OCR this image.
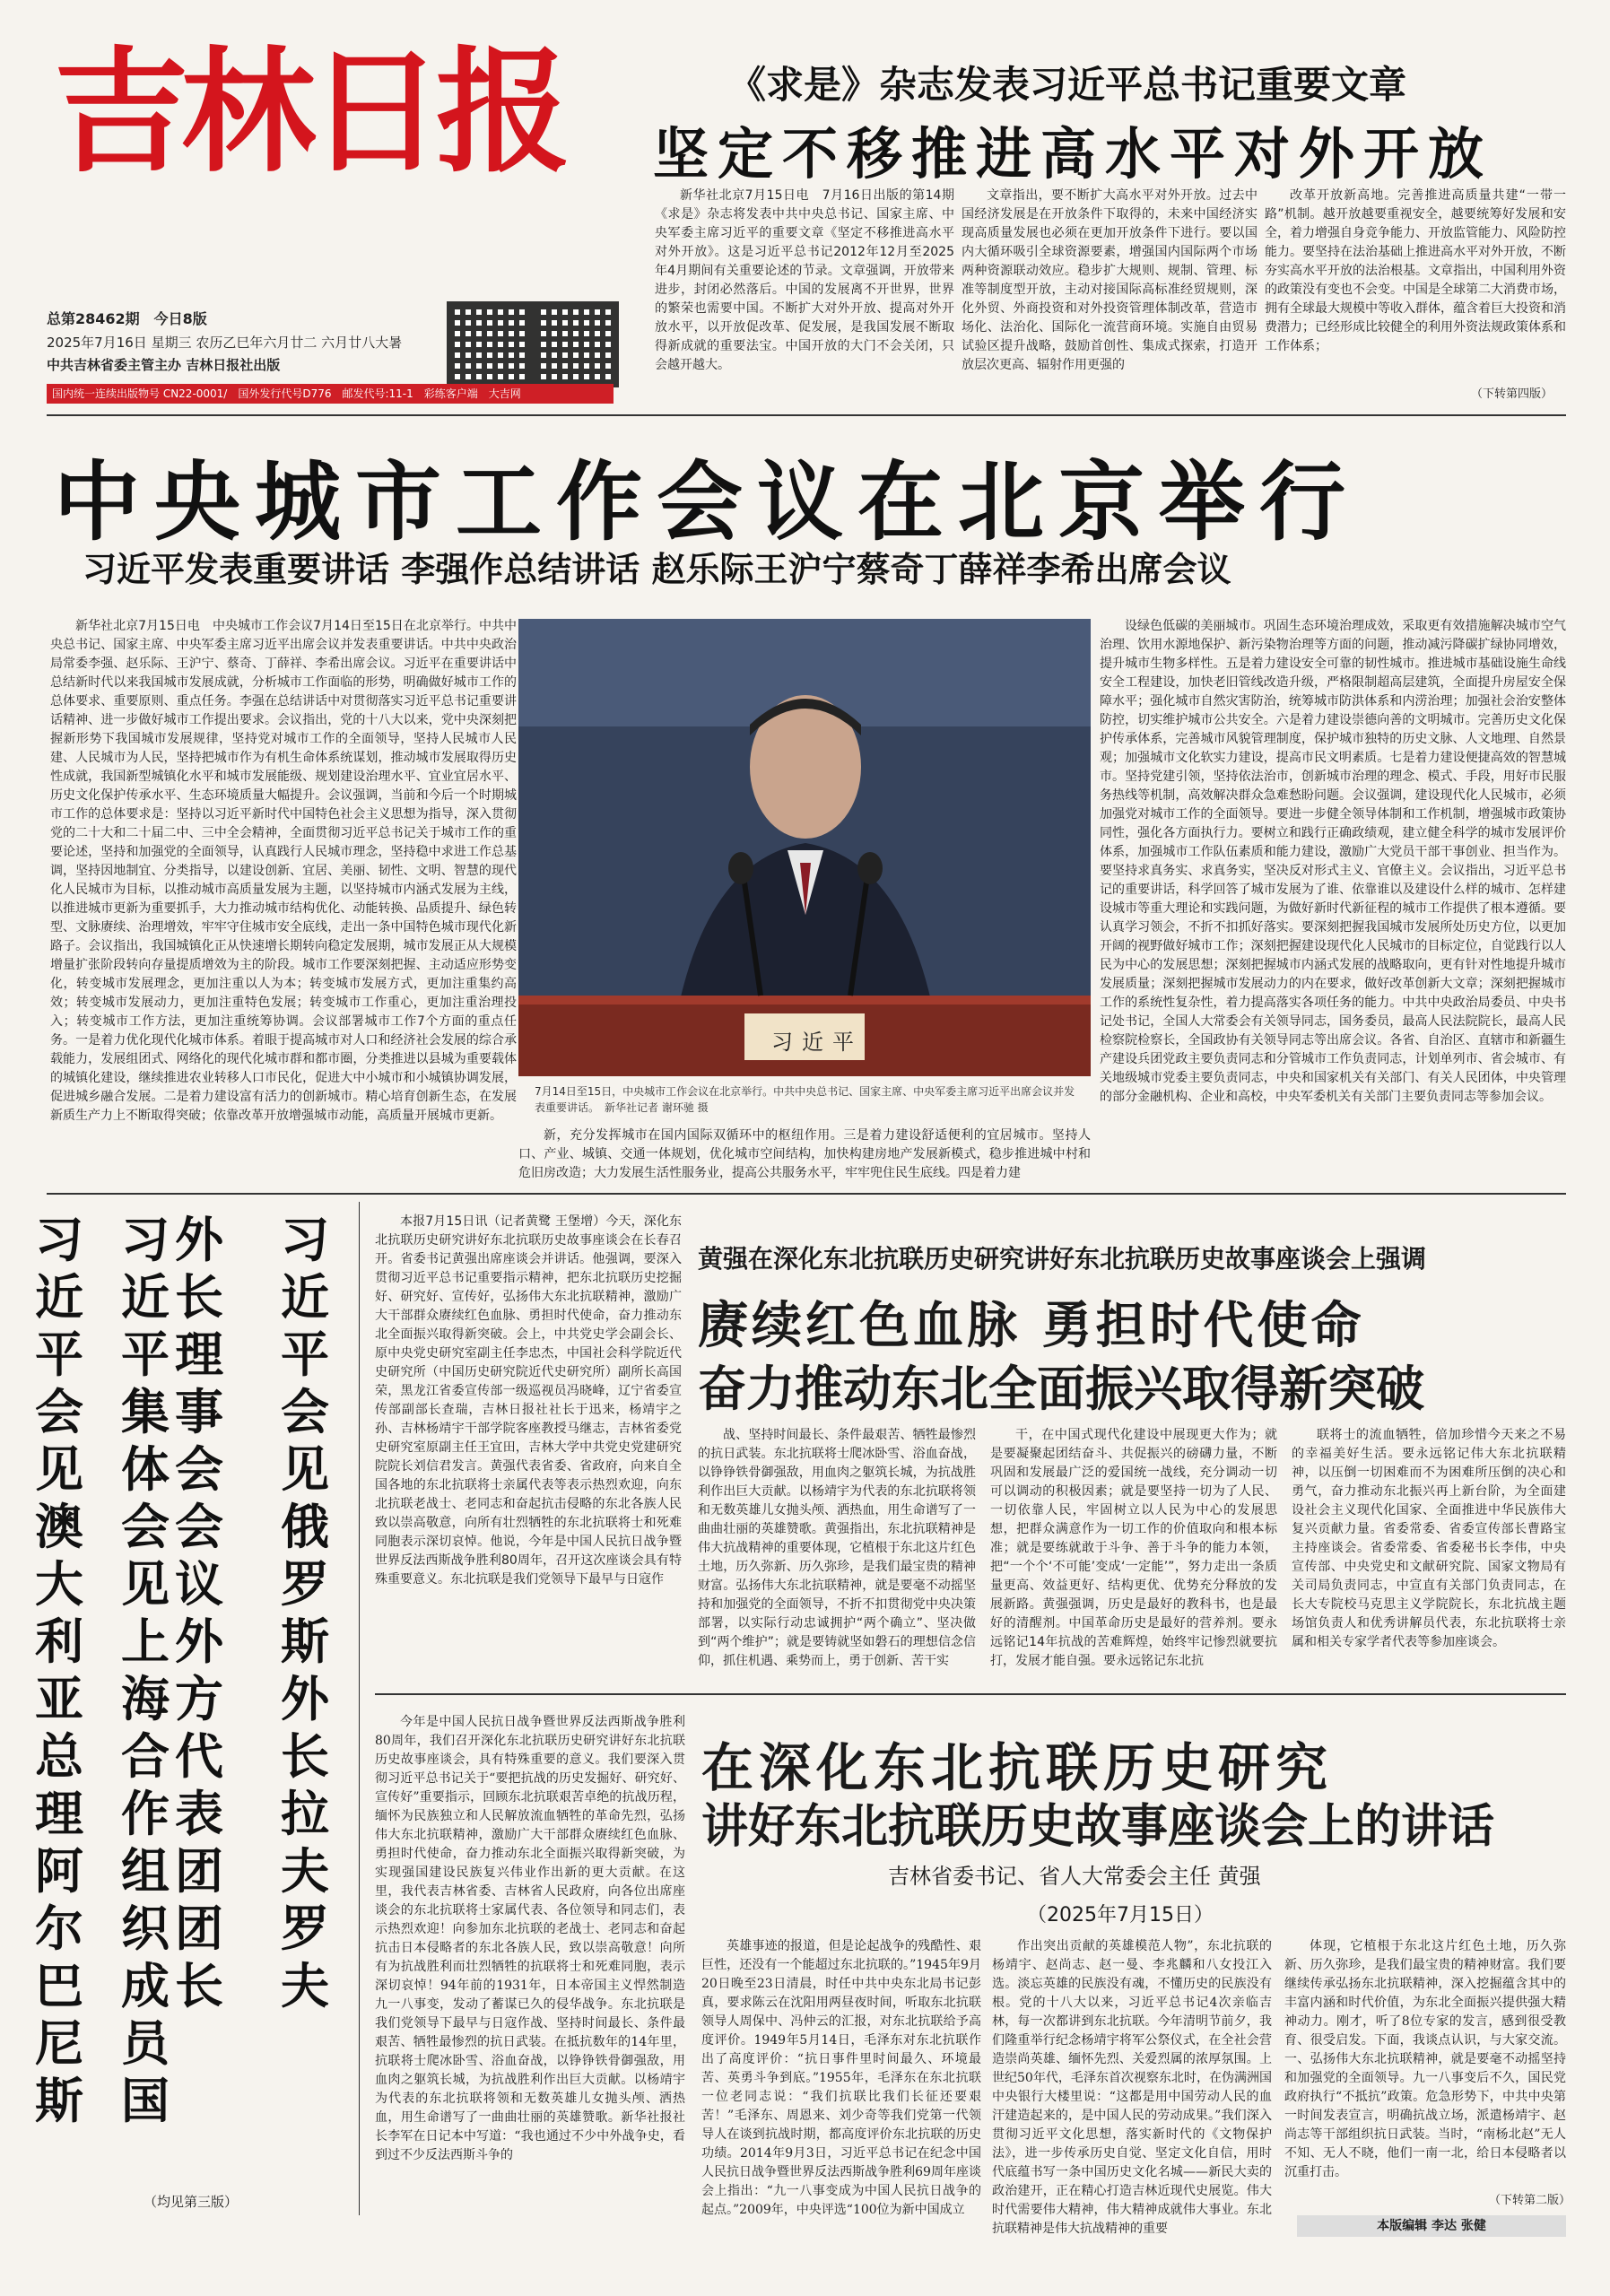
吉林日报
总第28462期　今日8版
2025年7月16日 星期三 农历乙巳年六月廿二 六月廿八大暑
中共吉林省委主管主办 吉林日报社出版
国内统一连续出版物号 CN22-0001/　国外发行代号D776　邮发代号:11-1　彩练客户端　大吉网
《求是》杂志发表习近平总书记重要文章
坚定不移推进高水平对外开放

新华社北京7月15日电　7月16日出版的第14期《求是》杂志将发表中共中央总书记、国家主席、中央军委主席习近平的重要文章《坚定不移推进高水平对外开放》。这是习近平总书记2012年12月至2025年4月期间有关重要论述的节录。文章强调，开放带来进步，封闭必然落后。中国的发展离不开世界，世界的繁荣也需要中国。不断扩大对外开放、提高对外开放水平，以开放促改革、促发展，是我国发展不断取得新成就的重要法宝。中国开放的大门不会关闭，只会越开越大。

文章指出，要不断扩大高水平对外开放。过去中国经济发展是在开放条件下取得的，未来中国经济实现高质量发展也必须在更加开放条件下进行。要以国内大循环吸引全球资源要素，增强国内国际两个市场两种资源联动效应。稳步扩大规则、规制、管理、标准等制度型开放，主动对接国际高标准经贸规则，深化外贸、外商投资和对外投资管理体制改革，营造市场化、法治化、国际化一流营商环境。实施自由贸易试验区提升战略，鼓励首创性、集成式探索，打造开放层次更高、辐射作用更强的

改革开放新高地。完善推进高质量共建“一带一路”机制。越开放越要重视安全，越要统筹好发展和安全，着力增强自身竞争能力、开放监管能力、风险防控能力。要坚持在法治基础上推进高水平对外开放，不断夯实高水平开放的法治根基。文章指出，中国利用外资的政策没有变也不会变。中国是全球第二大消费市场，拥有全球最大规模中等收入群体，蕴含着巨大投资和消费潜力；已经形成比较健全的利用外资法规政策体系和工作体系；

（下转第四版）
中央城市工作会议在北京举行
习近平发表重要讲话 李强作总结讲话 赵乐际王沪宁蔡奇丁薛祥李希出席会议

新华社北京7月15日电　中央城市工作会议7月14日至15日在北京举行。中共中央总书记、国家主席、中央军委主席习近平出席会议并发表重要讲话。中共中央政治局常委李强、赵乐际、王沪宁、蔡奇、丁薛祥、李希出席会议。习近平在重要讲话中总结新时代以来我国城市发展成就，分析城市工作面临的形势，明确做好城市工作的总体要求、重要原则、重点任务。李强在总结讲话中对贯彻落实习近平总书记重要讲话精神、进一步做好城市工作提出要求。会议指出，党的十八大以来，党中央深刻把握新形势下我国城市发展规律，坚持党对城市工作的全面领导，坚持人民城市人民建、人民城市为人民，坚持把城市作为有机生命体系统谋划，推动城市发展取得历史性成就，我国新型城镇化水平和城市发展能级、规划建设治理水平、宜业宜居水平、历史文化保护传承水平、生态环境质量大幅提升。会议强调，当前和今后一个时期城市工作的总体要求是：坚持以习近平新时代中国特色社会主义思想为指导，深入贯彻党的二十大和二十届二中、三中全会精神，全面贯彻习近平总书记关于城市工作的重要论述，坚持和加强党的全面领导，认真践行人民城市理念，坚持稳中求进工作总基调，坚持因地制宜、分类指导，以建设创新、宜居、美丽、韧性、文明、智慧的现代化人民城市为目标，以推动城市高质量发展为主题，以坚持城市内涵式发展为主线，以推进城市更新为重要抓手，大力推动城市结构优化、动能转换、品质提升、绿色转型、文脉赓续、治理增效，牢牢守住城市安全底线，走出一条中国特色城市现代化新路子。会议指出，我国城镇化正从快速增长期转向稳定发展期，城市发展正从大规模增量扩张阶段转向存量提质增效为主的阶段。城市工作要深刻把握、主动适应形势变化，转变城市发展理念，更加注重以人为本；转变城市发展方式，更加注重集约高效；转变城市发展动力，更加注重特色发展；转变城市工作重心，更加注重治理投入；转变城市工作方法，更加注重统筹协调。会议部署城市工作7个方面的重点任务。一是着力优化现代化城市体系。着眼于提高城市对人口和经济社会发展的综合承载能力，发展组团式、网络化的现代化城市群和都市圈，分类推进以县城为重要载体的城镇化建设，继续推进农业转移人口市民化，促进大中小城市和小城镇协调发展，促进城乡融合发展。二是着力建设富有活力的创新城市。精心培育创新生态，在发展新质生产力上不断取得突破；依靠改革开放增强城市动能，高质量开展城市更新。

习近平
7月14日至15日，中央城市工作会议在北京举行。中共中央总书记、国家主席、中央军委主席习近平出席会议并发表重要讲话。　 新华社记者 谢环驰 摄

新，充分发挥城市在国内国际双循环中的枢纽作用。三是着力建设舒适便利的宜居城市。坚持人口、产业、城镇、交通一体规划，优化城市空间结构，加快构建房地产发展新模式，稳步推进城中村和危旧房改造；大力发展生活性服务业，提高公共服务水平，牢牢兜住民生底线。四是着力建

设绿色低碳的美丽城市。巩固生态环境治理成效，采取更有效措施解决城市空气治理、饮用水源地保护、新污染物治理等方面的问题，推动减污降碳扩绿协同增效，提升城市生物多样性。五是着力建设安全可靠的韧性城市。推进城市基础设施生命线安全工程建设，加快老旧管线改造升级，严格限制超高层建筑，全面提升房屋安全保障水平；强化城市自然灾害防治，统筹城市防洪体系和内涝治理；加强社会治安整体防控，切实维护城市公共安全。六是着力建设崇德向善的文明城市。完善历史文化保护传承体系，完善城市风貌管理制度，保护城市独特的历史文脉、人文地理、自然景观；加强城市文化软实力建设，提高市民文明素质。七是着力建设便捷高效的智慧城市。坚持党建引领，坚持依法治市，创新城市治理的理念、模式、手段，用好市民服务热线等机制，高效解决群众急难愁盼问题。会议强调，建设现代化人民城市，必须加强党对城市工作的全面领导。要进一步健全领导体制和工作机制，增强城市政策协同性，强化各方面执行力。要树立和践行正确政绩观，建立健全科学的城市发展评价体系，加强城市工作队伍素质和能力建设，激励广大党员干部干事创业、担当作为。要坚持求真务实、求真务实，坚决反对形式主义、官僚主义。会议指出，习近平总书记的重要讲话，科学回答了城市发展为了谁、依靠谁以及建设什么样的城市、怎样建设城市等重大理论和实践问题，为做好新时代新征程的城市工作提供了根本遵循。要认真学习领会，不折不扣抓好落实。要深刻把握我国城市发展所处历史方位，以更加开阔的视野做好城市工作；深刻把握建设现代化人民城市的目标定位，自觉践行以人民为中心的发展思想；深刻把握城市内涵式发展的战略取向，更有针对性地提升城市发展质量；深刻把握城市发展动力的内在要求，做好改革创新大文章；深刻把握城市工作的系统性复杂性，着力提高落实各项任务的能力。中共中央政治局委员、中央书记处书记，全国人大常委会有关领导同志，国务委员，最高人民法院院长，最高人民检察院检察长，全国政协有关领导同志等出席会议。各省、自治区、直辖市和新疆生产建设兵团党政主要负责同志和分管城市工作负责同志，计划单列市、省会城市、有关地级城市党委主要负责同志，中央和国家机关有关部门、有关人民团体，中央管理的部分金融机构、企业和高校，中央军委机关有关部门主要负责同志等参加会议。

习近平会见澳大利亚总理阿尔巴尼斯
外长理事会会议外方代表团团长
习近平集体会见上海合作组织成员国
习近平会见俄罗斯外长拉夫罗夫
（均见第三版）

本报7月15日讯（记者黄鹭 王堡增）今天，深化东北抗联历史研究讲好东北抗联历史故事座谈会在长春召开。省委书记黄强出席座谈会并讲话。他强调，要深入贯彻习近平总书记重要指示精神，把东北抗联历史挖掘好、研究好、宣传好，弘扬伟大东北抗联精神，激励广大干部群众赓续红色血脉、勇担时代使命，奋力推动东北全面振兴取得新突破。会上，中共党史学会副会长、原中央党史研究室副主任李忠杰，中国社会科学院近代史研究所（中国历史研究院近代史研究所）副所长高国荣，黑龙江省委宣传部一级巡视员冯晓峰，辽宁省委宣传部副部长查瑞，吉林日报社社长于迅来，杨靖宇之孙、吉林杨靖宇干部学院客座教授马继志，吉林省委党史研究室原副主任王宜田，吉林大学中共党史党建研究院院长刘信君发言。黄强代表省委、省政府，向来自全国各地的东北抗联将士亲属代表等表示热烈欢迎，向东北抗联老战士、老同志和奋起抗击侵略的东北各族人民致以崇高敬意，向所有壮烈牺牲的东北抗联将士和死难同胞表示深切哀悼。他说，今年是中国人民抗日战争暨世界反法西斯战争胜利80周年，召开这次座谈会具有特殊重要意义。东北抗联是我们党领导下最早与日寇作

黄强在深化东北抗联历史研究讲好东北抗联历史故事座谈会上强调
赓续红色血脉 勇担时代使命
奋力推动东北全面振兴取得新突破

战、坚持时间最长、条件最艰苦、牺牲最惨烈的抗日武装。东北抗联将士爬冰卧雪、浴血奋战，以铮铮铁骨御强敌，用血肉之躯筑长城，为抗战胜利作出巨大贡献。以杨靖宇为代表的东北抗联将领和无数英雄儿女抛头颅、洒热血，用生命谱写了一曲曲壮丽的英雄赞歌。黄强指出，东北抗联精神是伟大抗战精神的重要体现，它植根于东北这片红色土地，历久弥新、历久弥珍，是我们最宝贵的精神财富。弘扬伟大东北抗联精神，就是要毫不动摇坚持和加强党的全面领导，不折不扣贯彻党中央决策部署，以实际行动忠诚拥护“两个确立”、坚决做到“两个维护”；就是要铸就坚如磐石的理想信念信仰，抓住机遇、乘势而上，勇于创新、苦干实

干，在中国式现代化建设中展现更大作为；就是要凝聚起团结奋斗、共促振兴的磅礴力量，不断巩固和发展最广泛的爱国统一战线，充分调动一切可以调动的积极因素；就是要坚持一切为了人民、一切依靠人民，牢固树立以人民为中心的发展思想，把群众满意作为一切工作的价值取向和根本标准；就是要练就敢于斗争、善于斗争的能力本领，把“一个个‘不可能’变成‘一定能’”，努力走出一条质量更高、效益更好、结构更优、优势充分释放的发展新路。黄强强调，历史是最好的教科书，也是最好的清醒剂。中国革命历史是最好的营养剂。要永远铭记14年抗战的苦难辉煌，始终牢记惨烈就要抗打，发展才能自强。要永远铭记东北抗

联将士的流血牺牲，倍加珍惜今天来之不易的幸福美好生活。要永远铭记伟大东北抗联精神，以压倒一切困难而不为困难所压倒的决心和勇气，奋力推动东北振兴再上新台阶，为全面建设社会主义现代化国家、全面推进中华民族伟大复兴贡献力量。省委常委、省委宣传部长曹路宝主持座谈会。省委常委、省委秘书长李伟，中央宣传部、中央党史和文献研究院、国家文物局有关司局负责同志，中宣直有关部门负责同志，在长大专院校马克思主义学院院长，东北抗战主题场馆负责人和优秀讲解员代表，东北抗联将士亲属和相关专家学者代表等参加座谈会。

今年是中国人民抗日战争暨世界反法西斯战争胜利80周年，我们召开深化东北抗联历史研究讲好东北抗联历史故事座谈会，具有特殊重要的意义。我们要深入贯彻习近平总书记关于“要把抗战的历史发掘好、研究好、宣传好”重要指示，回顾东北抗联艰苦卓绝的抗战历程，缅怀为民族独立和人民解放流血牺牲的革命先烈，弘扬伟大东北抗联精神，激励广大干部群众赓续红色血脉、勇担时代使命，奋力推动东北全面振兴取得新突破，为实现强国建设民族复兴伟业作出新的更大贡献。在这里，我代表吉林省委、吉林省人民政府，向各位出席座谈会的东北抗联将士家属代表、各位领导和同志们，表示热烈欢迎！向参加东北抗联的老战士、老同志和奋起抗击日本侵略者的东北各族人民，致以崇高敬意！向所有为抗战胜利而壮烈牺牲的抗联将士和死难同胞，表示深切哀悼！94年前的1931年，日本帝国主义悍然制造九一八事变，发动了蓄谋已久的侵华战争。东北抗联是我们党领导下最早与日寇作战、坚持时间最长、条件最艰苦、牺牲最惨烈的抗日武装。在抵抗数年的14年里，抗联将士爬冰卧雪、浴血奋战，以铮铮铁骨御强敌，用血肉之躯筑长城，为抗战胜利作出巨大贡献。以杨靖宇为代表的东北抗联将领和无数英雄儿女抛头颅、洒热血，用生命谱写了一曲曲壮丽的英雄赞歌。新华社报社长李军在日记本中写道：“我也通过不少中外战争史，看到过不少反法西斯斗争的

在深化东北抗联历史研究
讲好东北抗联历史故事座谈会上的讲话
吉林省委书记、省人大常委会主任 黄强
（2025年7月15日）

英雄事迹的报道，但是论起战争的残酷性、艰巨性，还没有一个能超过东北抗联的。”1945年9月20日晚至23日清晨，时任中共中央东北局书记彭真，要求陈云在沈阳用两昼夜时间，听取东北抗联领导人周保中、冯仲云的汇报，对东北抗联给予高度评价。1949年5月14日，毛泽东对东北抗联作出了高度评价：“抗日事件里时间最久、环境最苦、英勇斗争到底。”1955年，毛泽东在东北抗联一位老同志说：“我们抗联比我们长征还要艰苦！”毛泽东、周恩来、刘少奇等我们党第一代领导人在谈到抗战时期，都高度评价东北抗联的历史功绩。2014年9月3日，习近平总书记在纪念中国人民抗日战争暨世界反法西斯战争胜利69周年座谈会上指出：“九一八事变成为中国人民抗日战争的起点。”2009年，中央评选“100位为新中国成立

作出突出贡献的英雄模范人物”，东北抗联的杨靖宇、赵尚志、赵一曼、李兆麟和八女投江入选。淡忘英雄的民族没有魂，不懂历史的民族没有根。党的十八大以来，习近平总书记4次亲临吉林，每一次都讲到东北抗联。今年清明节前夕，我们隆重举行纪念杨靖宇将军公祭仪式，在全社会营造崇尚英雄、缅怀先烈、关爱烈属的浓厚氛围。上世纪50年代，毛泽东首次视察东北时，在伪满洲国中央银行大楼里说：“这都是用中国劳动人民的血汗建造起来的，是中国人民的劳动成果。”我们深入贯彻习近平文化思想，落实新时代的《文物保护法》，进一步传承历史自觉、坚定文化自信，用时代底蕴书写一条中国历史文化名城——新民大卖的政治建开，正在精心打造吉林近现代史展览。伟大时代需要伟大精神，伟大精神成就伟大事业。东北抗联精神是伟大抗战精神的重要

体现，它植根于东北这片红色土地，历久弥新、历久弥珍，是我们最宝贵的精神财富。我们要继续传承弘扬东北抗联精神，深入挖掘蕴含其中的丰富内涵和时代价值，为东北全面振兴提供强大精神动力。刚才，听了8位专家的发言，感到很受教育、很受启发。下面，我谈点认识，与大家交流。一、弘扬伟大东北抗联精神，就是要毫不动摇坚持和加强党的全面领导。九一八事变后不久，国民党政府执行“不抵抗”政策。危急形势下，中共中央第一时间发表宣言，明确抗战立场，派遣杨靖宇、赵尚志等干部组织抗日武装。当时，“南杨北赵”无人不知、无人不晓，他们一南一北，给日本侵略者以沉重打击。

（下转第二版）
本版编辑 李达 张健
